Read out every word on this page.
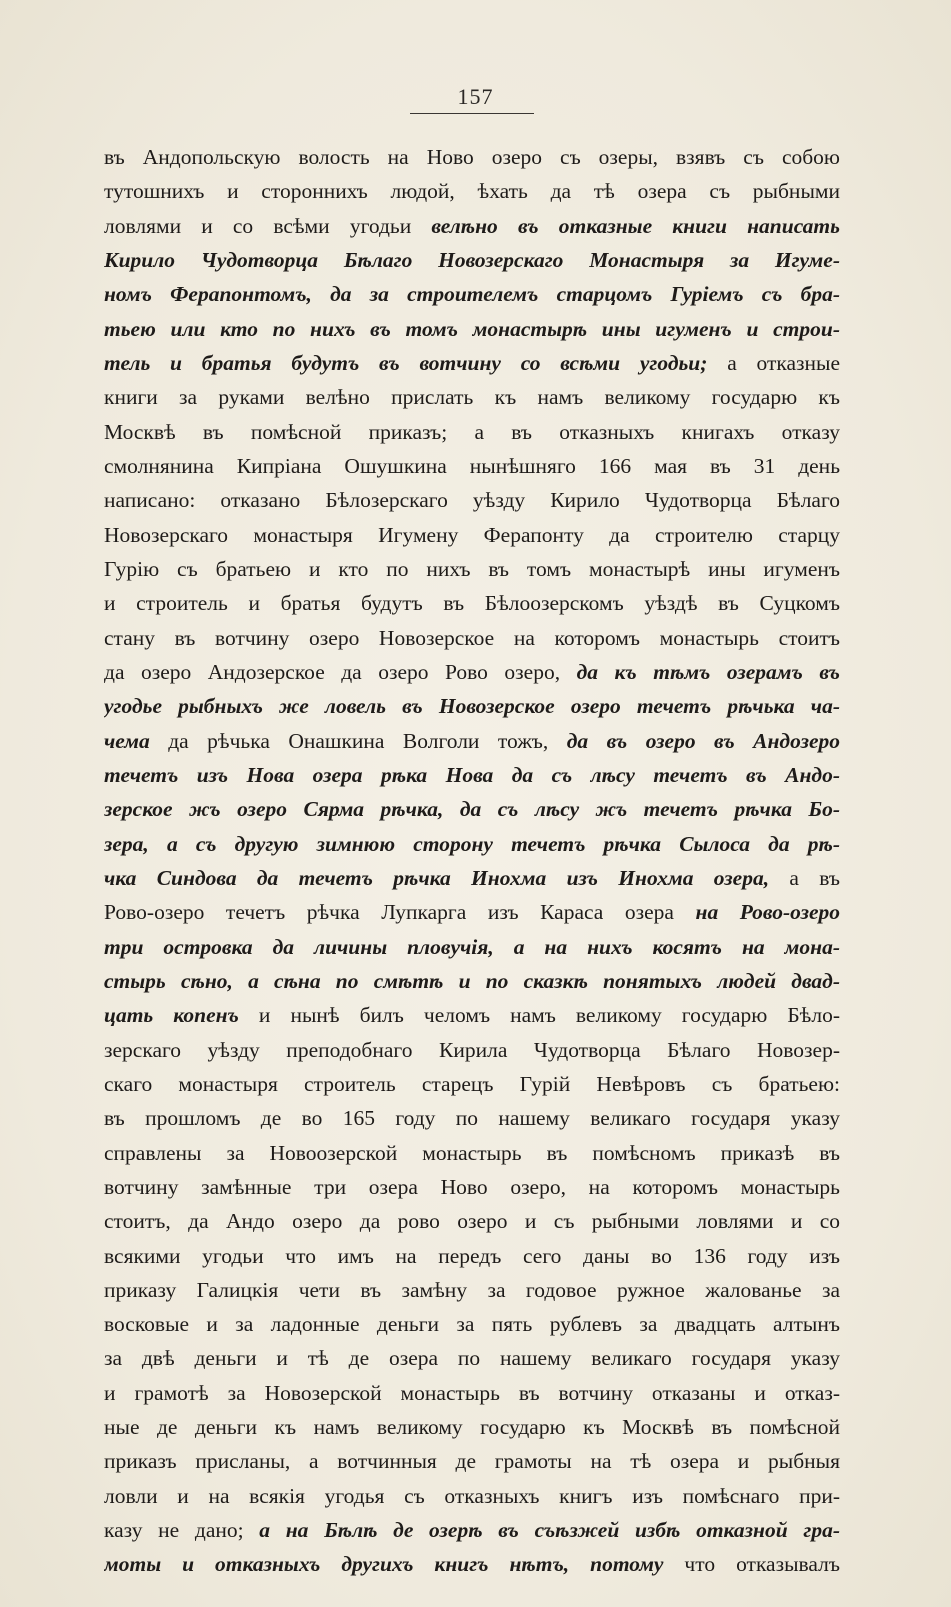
157
въ Андопольскую волость на Ново озеро съ озеры, взявъ съ собою
тутошнихъ и стороннихъ людой, ѣхать да тѣ озера съ рыбными
ловлями и со всѣми угодьи велѣно въ отказные книги написать
Кирило Чудотворца Бѣлаго Новозерскаго Монастыря за Игуме-
номъ Ферапонтомъ, да за строителемъ старцомъ Гуріемъ съ бра-
тьею или кто по нихъ въ томъ монастырѣ ины игуменъ и строи-
тель и братья будутъ въ вотчину со всѣми угодьи; а отказные
книги за руками велѣно прислать къ намъ великому государю къ
Москвѣ въ помѣсной приказъ; а въ отказныхъ книгахъ отказу
смолнянина Кипріана Ошушкина нынѣшняго 166 мая въ 31 день
написано: отказано Бѣлозерскаго уѣзду Кирило Чудотворца Бѣлаго
Новозерскаго монастыря Игумену Ферапонту да строителю старцу
Гурію съ братьею и кто по нихъ въ томъ монастырѣ ины игуменъ
и строитель и братья будутъ въ Бѣлоозерскомъ уѣздѣ въ Суцкомъ
стану въ вотчину озеро Новозерское на которомъ монастырь стоитъ
да озеро Андозерское да озеро Рово озеро, да къ тѣмъ озерамъ въ
угодье рыбныхъ же ловель въ Новозерское озеро течетъ рѣчька ча-
чема да рѣчька Онашкина Волголи тожъ, да въ озеро въ Андозеро
течетъ изъ Нова озера рѣка Нова да съ лѣсу течетъ въ Андо-
зерское жъ озеро Сярма рѣчка, да съ лѣсу жъ течетъ рѣчка Бо-
зера, а съ другую зимнюю сторону течетъ рѣчка Сылоса да рѣ-
чка Синдова да течетъ рѣчка Инохма изъ Инохма озера, а въ
Рово-озеро течетъ рѣчка Лупкарга изъ Караса озера на Рово-озеро
три островка да личины пловучія, а на нихъ косятъ на мона-
стырь сѣно, а сѣна по смѣтѣ и по сказкѣ понятыхъ людей двад-
цать копенъ и нынѣ билъ челомъ намъ великому государю Бѣло-
зерскаго уѣзду преподобнаго Кирила Чудотворца Бѣлаго Новозер-
скаго монастыря строитель старецъ Гурій Невѣровъ съ братьею:
въ прошломъ де во 165 году по нашему великаго государя указу
справлены за Новоозерской монастырь въ помѣсномъ приказѣ въ
вотчину замѣнные три озера Ново озеро, на которомъ монастырь
стоитъ, да Андо озеро да рово озеро и съ рыбными ловлями и со
всякими угодьи что имъ на передъ сего даны во 136 году изъ
приказу Галицкія чети въ замѣну за годовое ружное жалованье за
восковые и за ладонные деньги за пять рублевъ за двадцать алтынъ
за двѣ деньги и тѣ де озера по нашему великаго государя указу
и грамотѣ за Новозерской монастырь въ вотчину отказаны и отказ-
ные де деньги къ намъ великому государю къ Москвѣ въ помѣсной
приказъ присланы, а вотчинныя де грамоты на тѣ озера и рыбныя
ловли и на всякія угодья съ отказныхъ книгъ изъ помѣснаго при-
казу не дано; а на Бѣлѣ де озерѣ въ съѣзжей избѣ отказной гра-
моты и отказныхъ другихъ книгъ нѣтъ, потому что отказывалъ
